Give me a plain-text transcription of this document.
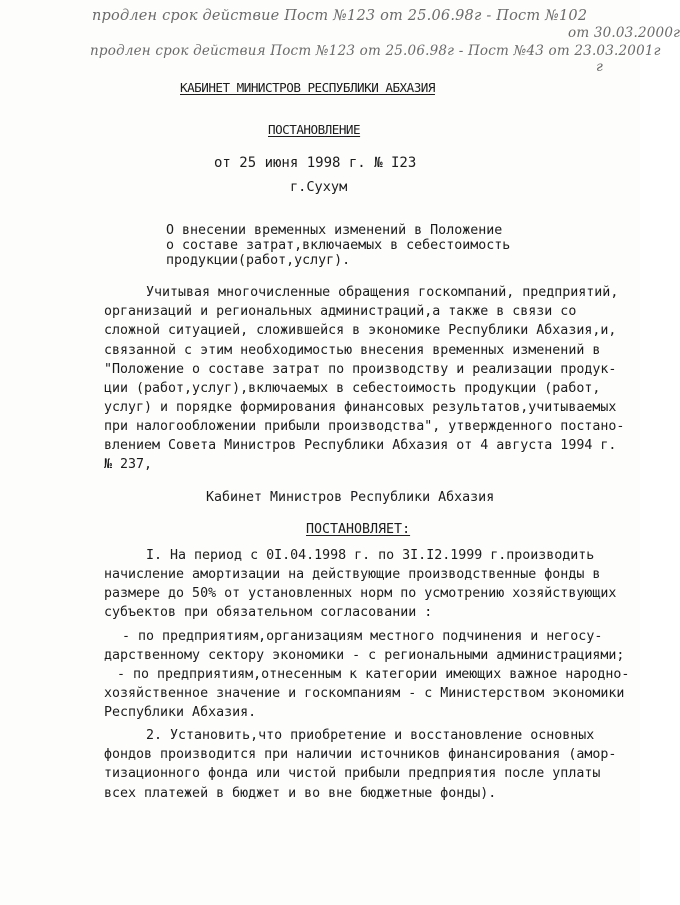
продлен срок действие Пост №123 от 25.06.98г - Пост №102
от 30.03.2000г
продлен срок действия Пост №123 от 25.06.98г - Пост №43 от 23.03.2001г
г
КАБИНЕТ МИНИСТРОВ РЕСПУБЛИКИ АБХАЗИЯ
ПОСТАНОВЛЕНИЕ
от 25 июня 1998 г. № I23
г.Сухум
О внесении временных изменений в Положение
о составе затрат,включаемых в себестоимость
продукции(работ,услуг).
Учитывая многочисленные обращения госкомпаний, предприятий,
организаций и региональных администраций,а также в связи со
сложной ситуацией, сложившейся в экономике Республики Абхазия,и,
связанной с этим необходимостью внесения временных изменений в
"Положение о составе затрат по производству и реализации продук-
ции (работ,услуг),включаемых в себестоимость продукции (работ,
услуг) и порядке формирования финансовых результатов,учитываемых
при налогообложении прибыли производства", утвержденного постано-
влением Совета Министров Республики Абхазия от 4 августа 1994 г.
№ 237,
Кабинет Министров Республики Абхазия
ПОСТАНОВЛЯЕТ:
I. На период с 0I.04.1998 г. по 3I.I2.1999 г.производить
начисление амортизации на действующие производственные фонды в
размере до 50% от установленных норм по усмотрению хозяйствующих
субъектов при обязательном согласовании :
- по предприятиям,организациям местного подчинения и негосу-
дарственному сектору экономики - с региональными администрациями;
- по предприятиям,отнесенным к категории имеющих важное народно-
хозяйственное значение и госкомпаниям - с Министерством экономики
Республики Абхазия.
2. Установить,что приобретение и восстановление основных
фондов производится при наличии источников финансирования (амор-
тизационного фонда или чистой прибыли предприятия после уплаты
всех платежей в бюджет и во вне бюджетные фонды).
